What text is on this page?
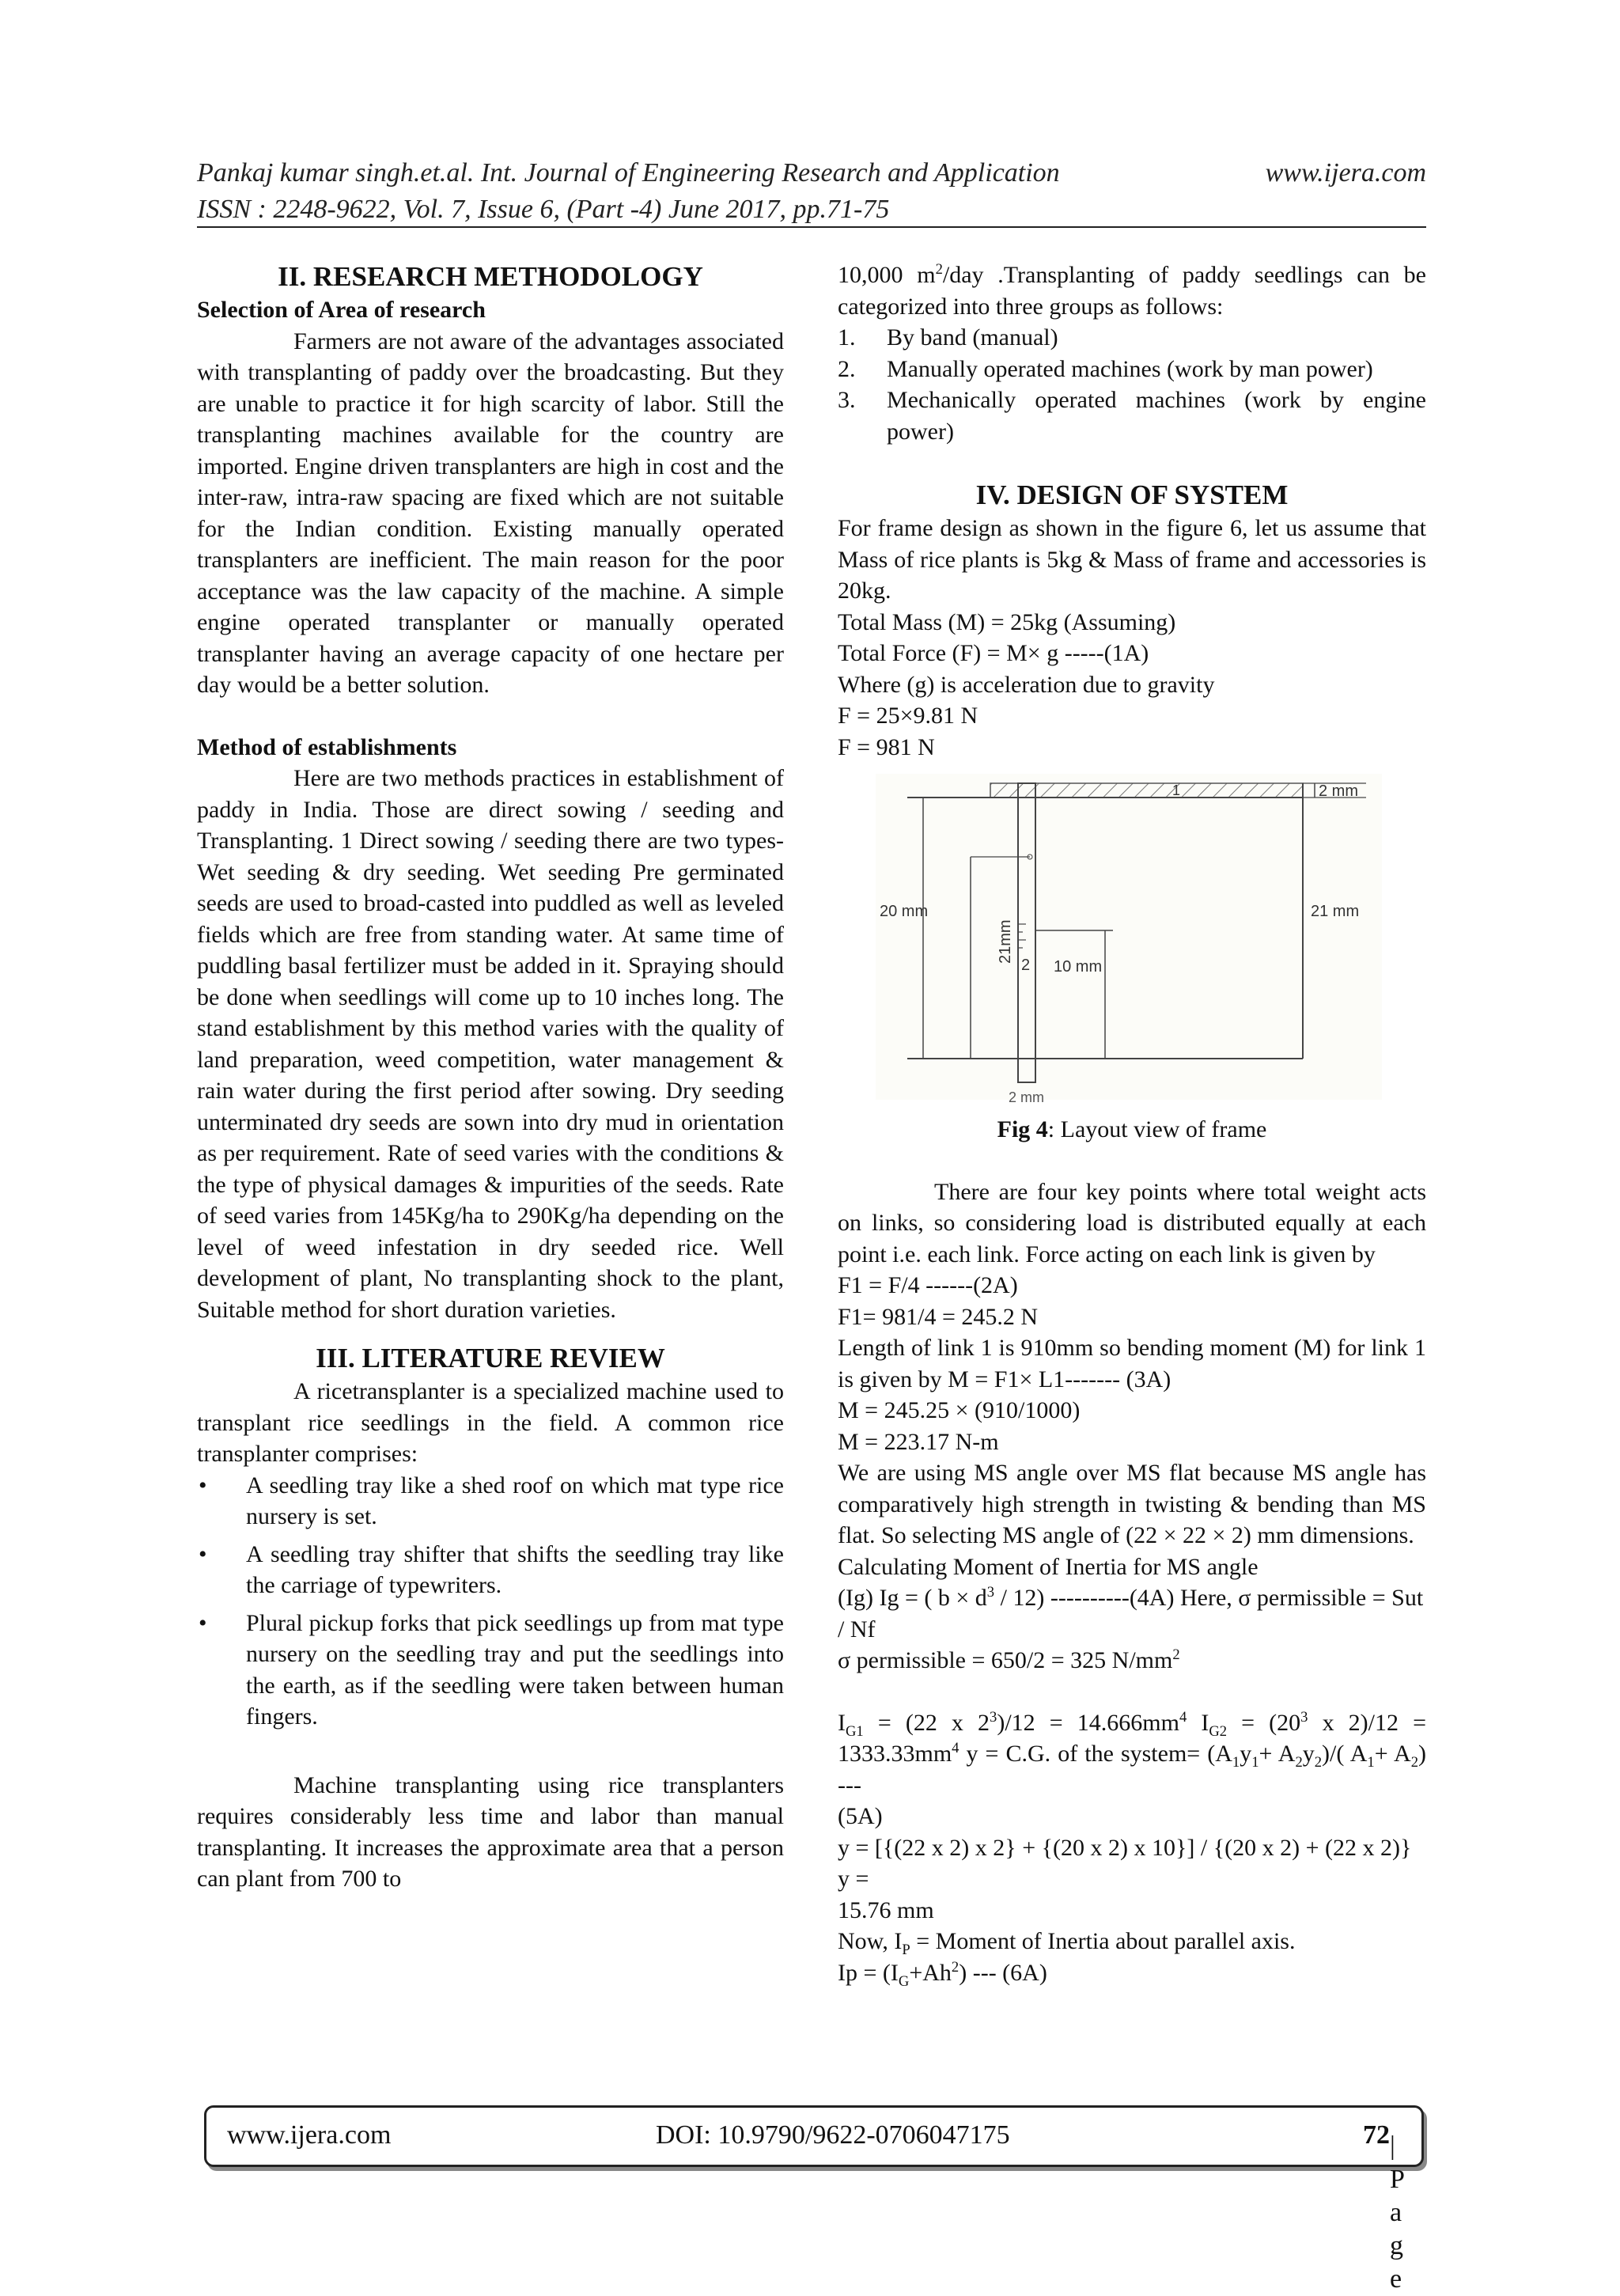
Pankaj kumar singh.et.al. Int. Journal of Engineering Research and Application	www.ijera.com
ISSN : 2248-9622, Vol. 7, Issue 6, (Part -4) June 2017, pp.71-75

II. RESEARCH METHODOLOGY

Selection of Area of research

Farmers are not aware of the advantages associated with transplanting of paddy over the broadcasting. But they are unable to practice it for high scarcity of labor. Still the transplanting machines available for the country are imported. Engine driven transplanters are high in cost and the inter-raw, intra-raw spacing are fixed which are not suitable for the Indian condition. Existing manually operated transplanters are inefficient. The main reason for the poor acceptance was the law capacity of the machine. A simple engine operated transplanter or manually operated transplanter having an average capacity of one hectare per day would be a better solution.

Method of establishments

Here are two methods practices in establishment of paddy in India. Those are direct sowing / seeding and Transplanting. 1 Direct sowing / seeding there are two types- Wet seeding & dry seeding. Wet seeding Pre germinated seeds are used to broad-casted into puddled as well as leveled fields which are free from standing water. At same time of puddling basal fertilizer must be added in it. Spraying should be done when seedlings will come up to 10 inches long. The stand establishment by this method varies with the quality of land preparation, weed competition, water management & rain water during the first period after sowing. Dry seeding unterminated dry seeds are sown into dry mud in orientation as per requirement. Rate of seed varies with the conditions & the type of physical damages & impurities of the seeds. Rate of seed varies from 145Kg/ha to 290Kg/ha depending on the level of weed infestation in dry seeded rice. Well development of plant, No transplanting shock to the plant, Suitable method for short duration varieties.

III. LITERATURE REVIEW

A ricetransplanter is a specialized machine used to transplant rice seedlings in the field. A common rice transplanter comprises:

• A seedling tray like a shed roof on which mat type rice nursery is set.
• A seedling tray shifter that shifts the seedling tray like the carriage of typewriters.
• Plural pickup forks that pick seedlings up from mat type nursery on the seedling tray and put the seedlings into the earth, as if the seedling were taken between human fingers.

Machine transplanting using rice transplanters requires considerably less time and labor than manual transplanting. It increases the approximate area that a person can plant from 700 to

10,000 $m^2$/day .Transplanting of paddy seedlings can be categorized into three groups as follows:

1. By band (manual)
2. Manually operated machines (work by man power)
3. Mechanically operated machines (work by engine power)

IV. DESIGN OF SYSTEM

For frame design as shown in the figure 6, let us assume that Mass of rice plants is 5kg & Mass of frame and accessories is 20kg.

Total Mass (M) = 25kg (Assuming)

Total Force (F) = M× g -----(1A)

Where (g) is acceleration due to gravity

F = 25×9.81 N

F = 981 N

2 mm
20 mm	21 mm
21mm
10 mm
2 mm
1
2

Fig 4: Layout view of frame

There are four key points where total weight acts on links, so considering load is distributed equally at each point i.e. each link. Force acting on each link is given by

F1 = F/4 ------(2A)

F1= 981/4 = 245.2 N

Length of link 1 is 910mm so bending moment (M) for link 1 is given by M = F1× L1------- (3A)

M = 245.25 × (910/1000)

M = 223.17 N-m

We are using MS angle over MS flat because MS angle has comparatively high strength in twisting & bending than MS flat. So selecting MS angle of (22 × 22 × 2) mm dimensions.

Calculating Moment of Inertia for MS angle

(Ig) Ig = ( $b \times d^3 / 12$) ----------(4A) Here, σ permissible = Sut / Nf

σ permissible = 650/2 = 325 $N/mm^2$

$I_{G1} = (22$ x $2^3)/12 = 14.666mm^4$ $I_{G2} = (20^3$ x $2)/12 = 1333.33mm^4$ y = C.G. of the system= $(A_1y_1+ A_2y_2)/$( $A_1+ A_2$) ---

(5A)

y = [{(22 x 2) x 2} + {(20 x 2) x 10}] / {(20 x 2) + (22 x 2)} y =

15.76 mm

Now, $I_P$ = Moment of Inertia about parallel axis.

$Ip = (I_G+Ah^2)$ --- (6A)

www.ijera.com	DOI: 10.9790/9622-0706047175	72 | P a g e
